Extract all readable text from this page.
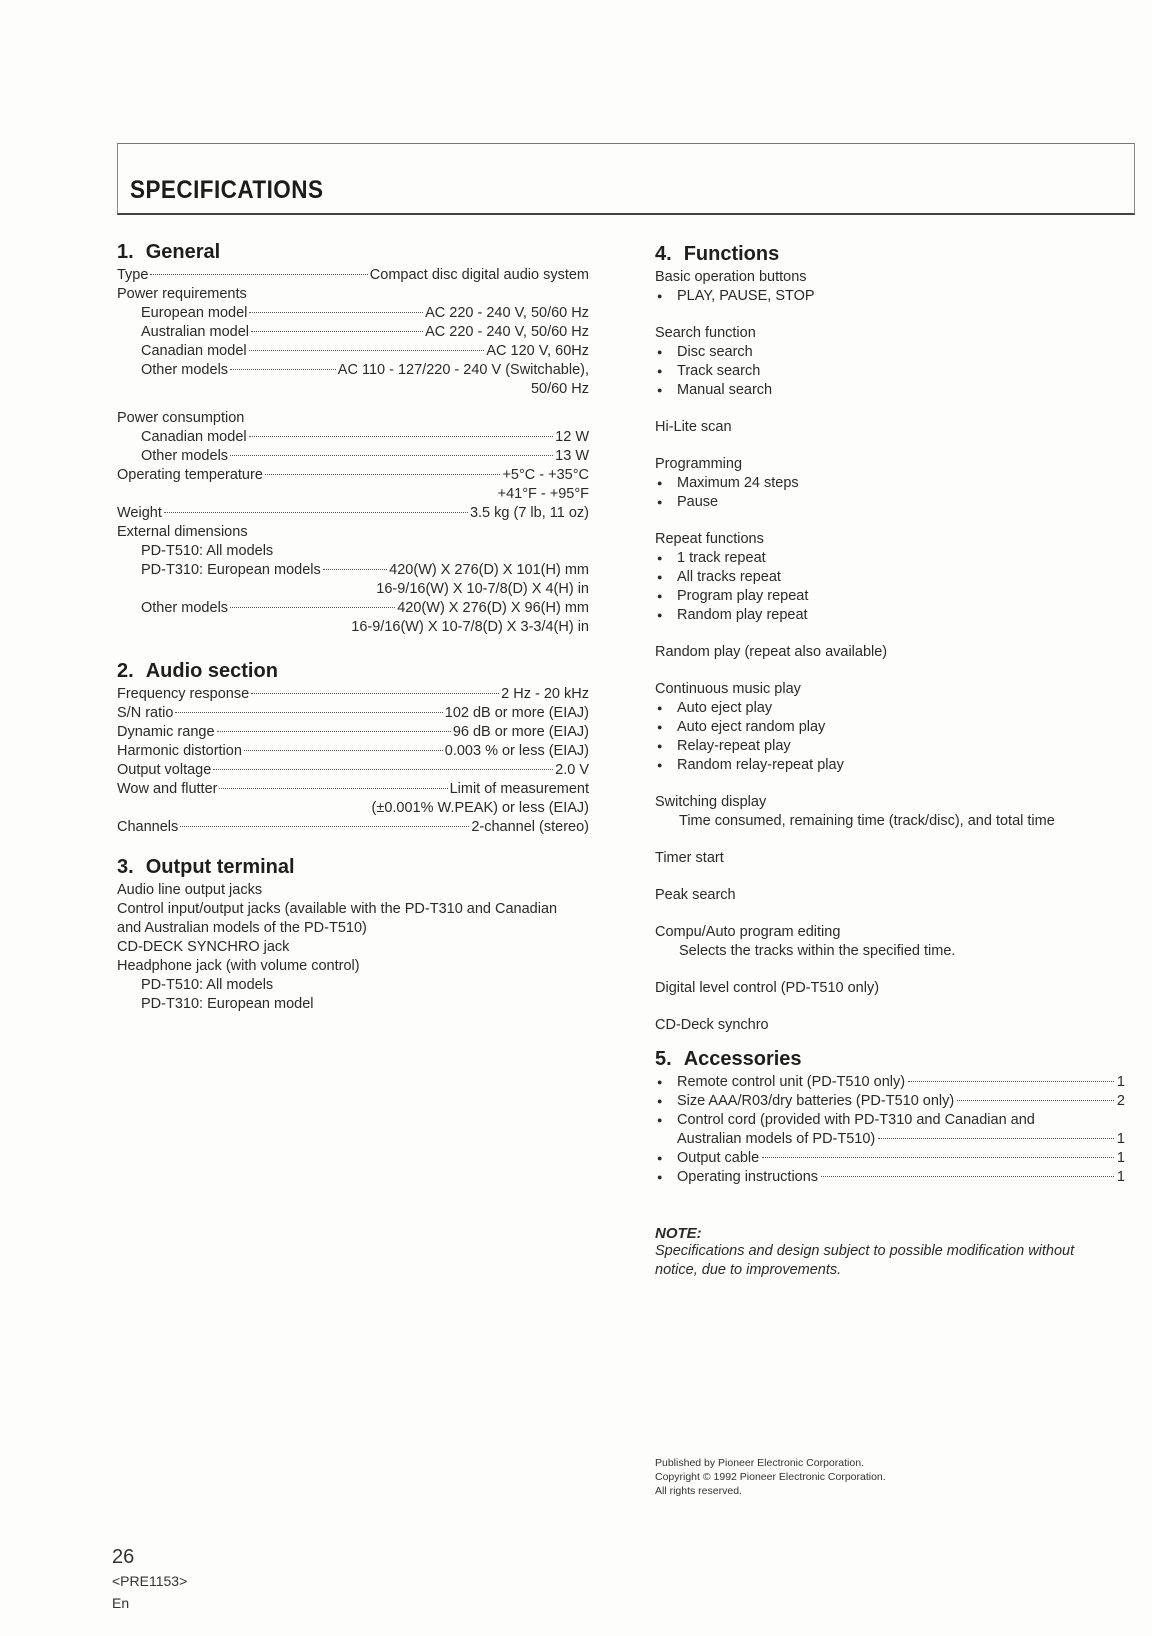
SPECIFICATIONS
1. General
Type	Compact disc digital audio system
Power requirements
European model	AC 220 - 240 V, 50/60 Hz
Australian model	AC 220 - 240 V, 50/60 Hz
Canadian model	AC 120 V, 60Hz
Other models	AC 110 - 127/220 - 240 V (Switchable),
50/60 Hz
Power consumption
Canadian model	12 W
Other models	13 W
Operating temperature	+5°C - +35°C
+41°F - +95°F
Weight	3.5 kg (7 lb, 11 oz)
External dimensions
PD-T510: All models
PD-T310: European models	420(W) X 276(D) X 101(H) mm
16-9/16(W) X 10-7/8(D) X 4(H) in
Other models	420(W) X 276(D) X 96(H) mm
16-9/16(W) X 10-7/8(D) X 3-3/4(H) in
2. Audio section
Frequency response	2 Hz - 20 kHz
S/N ratio	102 dB or more (EIAJ)
Dynamic range	96 dB or more (EIAJ)
Harmonic distortion	0.003 % or less (EIAJ)
Output voltage	2.0 V
Wow and flutter	Limit of measurement
(±0.001% W.PEAK) or less (EIAJ)
Channels	2-channel (stereo)
3. Output terminal
Audio line output jacks
Control input/output jacks (available with the PD-T310 and Canadian
and Australian models of the PD-T510)
CD-DECK SYNCHRO jack
Headphone jack (with volume control)
PD-T510: All models
PD-T310: European model
4. Functions
Basic operation buttons
● PLAY, PAUSE, STOP
Search function
● Disc search
● Track search
● Manual search
Hi-Lite scan
Programming
● Maximum 24 steps
● Pause
Repeat functions
● 1 track repeat
● All tracks repeat
● Program play repeat
● Random play repeat
Random play (repeat also available)
Continuous music play
● Auto eject play
● Auto eject random play
● Relay-repeat play
● Random relay-repeat play
Switching display
Time consumed, remaining time (track/disc), and total time
Timer start
Peak search
Compu/Auto program editing
Selects the tracks within the specified time.
Digital level control (PD-T510 only)
CD-Deck synchro
5. Accessories
● Remote control unit (PD-T510 only)	1
● Size AAA/R03/dry batteries (PD-T510 only)	2
● Control cord (provided with PD-T310 and Canadian and
Australian models of PD-T510)	1
● Output cable	1
● Operating instructions	1
NOTE:
Specifications and design subject to possible modification without
notice, due to improvements.
Published by Pioneer Electronic Corporation.
Copyright © 1992 Pioneer Electronic Corporation.
All rights reserved.
26
<PRE1153>
En
